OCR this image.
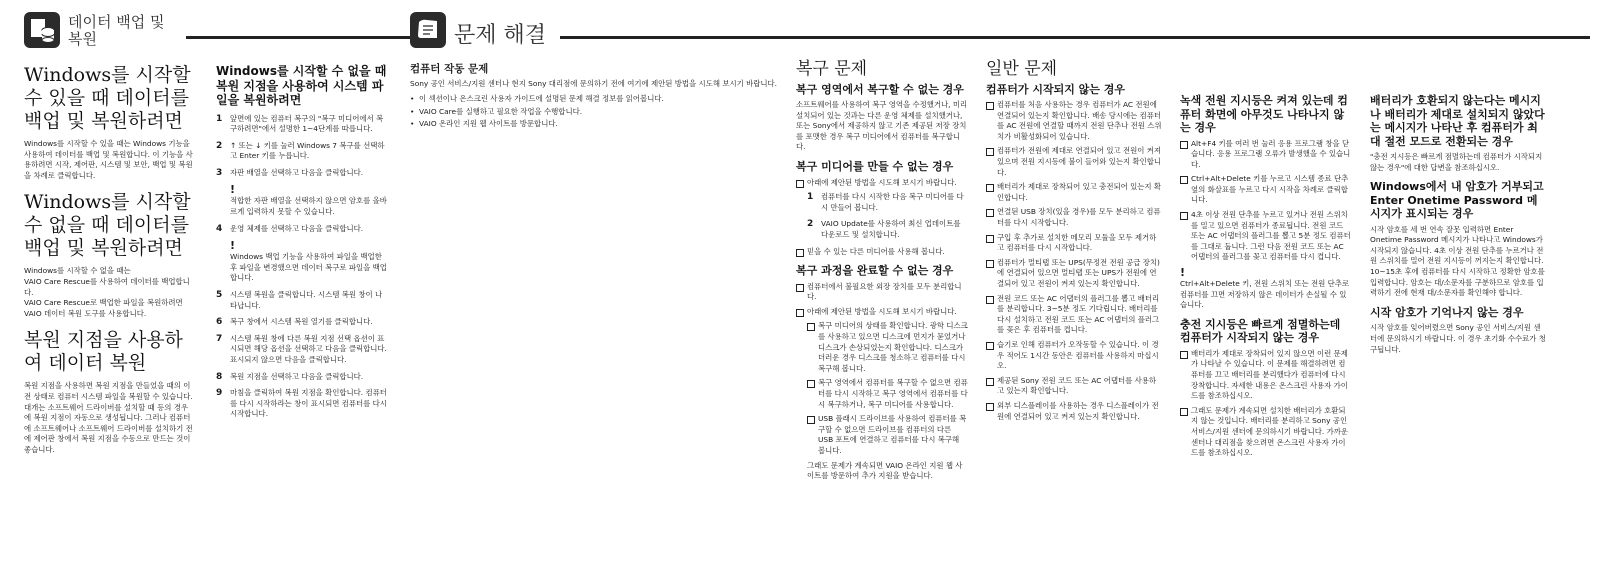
데이터 백업 및
복원	문제 해결
Windows를 시작할 수 있을 때 데이터를 백업 및 복원하려면

Windows를 시작할 수 있을 때는 Windows 기능을 사용하여 데이터를 백업 및 복원합니다. 이 기능을 사용하려면 시작, 제어판, 시스템 및 보안, 백업 및 복원을 차례로 클릭합니다.

Windows를 시작할 수 없을 때 데이터를 백업 및 복원하려면

Windows를 시작할 수 없을 때는

VAIO Care Rescue를 사용하여 데이터를 백업합니다.

VAIO Care Rescue로 백업한 파일을 복원하려면 VAIO 데이터 복원 도구를 사용합니다.

복원 지점을 사용하여 데이터 복원

복원 지점을 사용하면 복원 지점을 만들었을 때의 이전 상태로 컴퓨터 시스템 파일을 복원할 수 있습니다. 대개는 소프트웨어 드라이버를 설치할 때 등의 경우에 복원 지점이 자동으로 생성됩니다. 그러나 컴퓨터에 소프트웨어나 소프트웨어 드라이버를 설치하기 전에 제어판 창에서 복원 지점을 수동으로 만드는 것이 좋습니다.

Windows를 시작할 수 없을 때 복원 지점을 사용하여 시스템 파일을 복원하려면
1 앞면에 있는 컴퓨터 복구의 "복구 미디어에서 복구하려면"에서 설명한 1~4단계를 따릅니다.
2 ↑ 또는 ↓ 키를 눌러 Windows 7 복구를 선택하고 Enter 키를 누릅니다.
3 자판 배열을 선택하고 다음을 클릭합니다.
!
적합한 자판 배열을 선택하지 않으면 암호를 올바르게 입력하지 못할 수 있습니다.
4 운영 체제를 선택하고 다음을 클릭합니다.
!
Windows 백업 기능을 사용하여 파일을 백업한 후 파일을 변경했으면 데이터 복구로 파일을 백업합니다.
5 시스템 복원을 클릭합니다. 시스템 복원 창이 나타납니다.
6 복구 창에서 시스템 복원 열기를 클릭합니다.
7 시스템 복원 창에 다른 복원 지점 선택 옵션이 표시되면 해당 옵션을 선택하고 다음을 클릭합니다. 표시되지 않으면 다음을 클릭합니다.
8 복원 지점을 선택하고 다음을 클릭합니다.
9 마침을 클릭하여 복원 지점을 확인합니다. 컴퓨터를 다시 시작하라는 창이 표시되면 컴퓨터를 다시 시작합니다.
컴퓨터 작동 문제

Sony 공인 서비스/지원 센터나 현지 Sony 대리점에 문의하기 전에 여기에 제안된 방법을 시도해 보시기 바랍니다.

• 이 섹션이나 온스크린 사용자 가이드에 설명된 문제 해결 정보를 읽어봅니다.
• VAIO Care를 실행하고 필요한 작업을 수행합니다.
• VAIO 온라인 지원 웹 사이트를 방문합니다.
복구 문제
복구 영역에서 복구할 수 없는 경우

소프트웨어를 사용하여 복구 영역을 수정했거나, 미리 설치되어 있는 것과는 다른 운영 체제를 설치했거나, 또는 Sony에서 제공하지 않고 기존 제공된 저장 장치를 포맷한 경우 복구 미디어에서 컴퓨터를 복구합니다.

복구 미디어를 만들 수 없는 경우
아래에 제안된 방법을 시도해 보시기 바랍니다.
1 컴퓨터를 다시 시작한 다음 복구 미디어를 다시 만들어 봅니다.
2 VAIO Update를 사용하여 최신 업데이트를 다운로드 및 설치합니다.
믿을 수 있는 다른 미디어를 사용해 봅니다.
복구 과정을 완료할 수 없는 경우
컴퓨터에서 불필요한 외장 장치를 모두 분리합니다.
아래에 제안된 방법을 시도해 보시기 바랍니다.
복구 미디어의 상태를 확인합니다. 광학 디스크를 사용하고 있으면 디스크에 먼지가 묻었거나 디스크가 손상되었는지 확인합니다. 디스크가 더러운 경우 디스크를 청소하고 컴퓨터를 다시 복구해 봅니다.
복구 영역에서 컴퓨터를 복구할 수 없으면 컴퓨터를 다시 시작하고 복구 영역에서 컴퓨터를 다시 복구하거나, 복구 미디어를 사용합니다.
USB 플래시 드라이브를 사용하여 컴퓨터를 복구할 수 없으면 드라이브를 컴퓨터의 다른 USB 포트에 연결하고 컴퓨터를 다시 복구해 봅니다.

그래도 문제가 계속되면 VAIO 온라인 지원 웹 사이트를 방문하여 추가 지원을 받습니다.

일반 문제
컴퓨터가 시작되지 않는 경우
컴퓨터를 처음 사용하는 경우 컴퓨터가 AC 전원에 연결되어 있는지 확인합니다. 배송 당시에는 컴퓨터를 AC 전원에 연결할 때까지 전원 단추나 전원 스위치가 비활성화되어 있습니다.
컴퓨터가 전원에 제대로 연결되어 있고 전원이 켜져 있으며 전원 지시등에 불이 들어와 있는지 확인합니다.
배터리가 제대로 장착되어 있고 충전되어 있는지 확인합니다.
연결된 USB 장치(있을 경우)를 모두 분리하고 컴퓨터를 다시 시작합니다.
구입 후 추가로 설치한 메모리 모듈을 모두 제거하고 컴퓨터를 다시 시작합니다.
컴퓨터가 멀티탭 또는 UPS(무정전 전원 공급 장치)에 연결되어 있으면 멀티탭 또는 UPS가 전원에 연결되어 있고 전원이 켜져 있는지 확인합니다.
전원 코드 또는 AC 어댑터의 플러그를 뽑고 배터리를 분리합니다. 3~5분 정도 기다립니다. 배터리를 다시 설치하고 전원 코드 또는 AC 어댑터의 플러그를 꽂은 후 컴퓨터를 켭니다.
습기로 인해 컴퓨터가 오작동할 수 있습니다. 이 경우 적어도 1시간 동안은 컴퓨터를 사용하지 마십시오.
제공된 Sony 전원 코드 또는 AC 어댑터를 사용하고 있는지 확인합니다.
외부 디스플레이를 사용하는 경우 디스플레이가 전원에 연결되어 있고 켜져 있는지 확인합니다.
녹색 전원 지시등은 켜져 있는데 컴퓨터 화면에 아무것도 나타나지 않는 경우
Alt+F4 키를 여러 번 눌러 응용 프로그램 창을 닫습니다. 응용 프로그램 오류가 발생했을 수 있습니다.
Ctrl+Alt+Delete 키를 누르고 시스템 종료 단추 옆의 화살표를 누르고 다시 시작을 차례로 클릭합니다.
4초 이상 전원 단추를 누르고 있거나 전원 스위치를 밀고 있으면 컴퓨터가 종료됩니다. 전원 코드 또는 AC 어댑터의 플러그를 뽑고 5분 정도 컴퓨터를 그대로 둡니다. 그런 다음 전원 코드 또는 AC 어댑터의 플러그를 꽂고 컴퓨터를 다시 켭니다.
!
Ctrl+Alt+Delete 키, 전원 스위치 또는 전원 단추로 컴퓨터를 끄면 저장하지 않은 데이터가 손실될 수 있습니다.
충전 지시등은 빠르게 점멸하는데 컴퓨터가 시작되지 않는 경우
배터리가 제대로 장착되어 있지 않으면 이런 문제가 나타날 수 있습니다. 이 문제를 해결하려면 컴퓨터를 끄고 배터리를 분리했다가 컴퓨터에 다시 장착합니다. 자세한 내용은 온스크린 사용자 가이드를 참조하십시오.
그래도 문제가 계속되면 설치한 배터리가 호환되지 않는 것입니다. 배터리를 분리하고 Sony 공인 서비스/지원 센터에 문의하시기 바랍니다. 가까운 센터나 대리점을 찾으려면 온스크린 사용자 가이드를 참조하십시오.
배터리가 호환되지 않는다는 메시지나 배터리가 제대로 설치되지 않았다는 메시지가 나타난 후 컴퓨터가 최대 절전 모드로 전환되는 경우

"충전 지시등은 빠르게 점멸하는데 컴퓨터가 시작되지 않는 경우"에 대한 답변을 참조하십시오.

Windows에서 내 암호가 거부되고 Enter Onetime Password 메시지가 표시되는 경우

시작 암호를 세 번 연속 잘못 입력하면 Enter Onetime Password 메시지가 나타나고 Windows가 시작되지 않습니다. 4초 이상 전원 단추를 누르거나 전원 스위치를 밀어 전원 지시등이 꺼지는지 확인합니다. 10~15초 후에 컴퓨터를 다시 시작하고 정확한 암호를 입력합니다. 암호는 대/소문자를 구분하므로 암호를 입력하기 전에 현재 대/소문자를 확인해야 합니다.

시작 암호가 기억나지 않는 경우

시작 암호를 잊어버렸으면 Sony 공인 서비스/지원 센터에 문의하시기 바랍니다. 이 경우 초기화 수수료가 청구됩니다.
